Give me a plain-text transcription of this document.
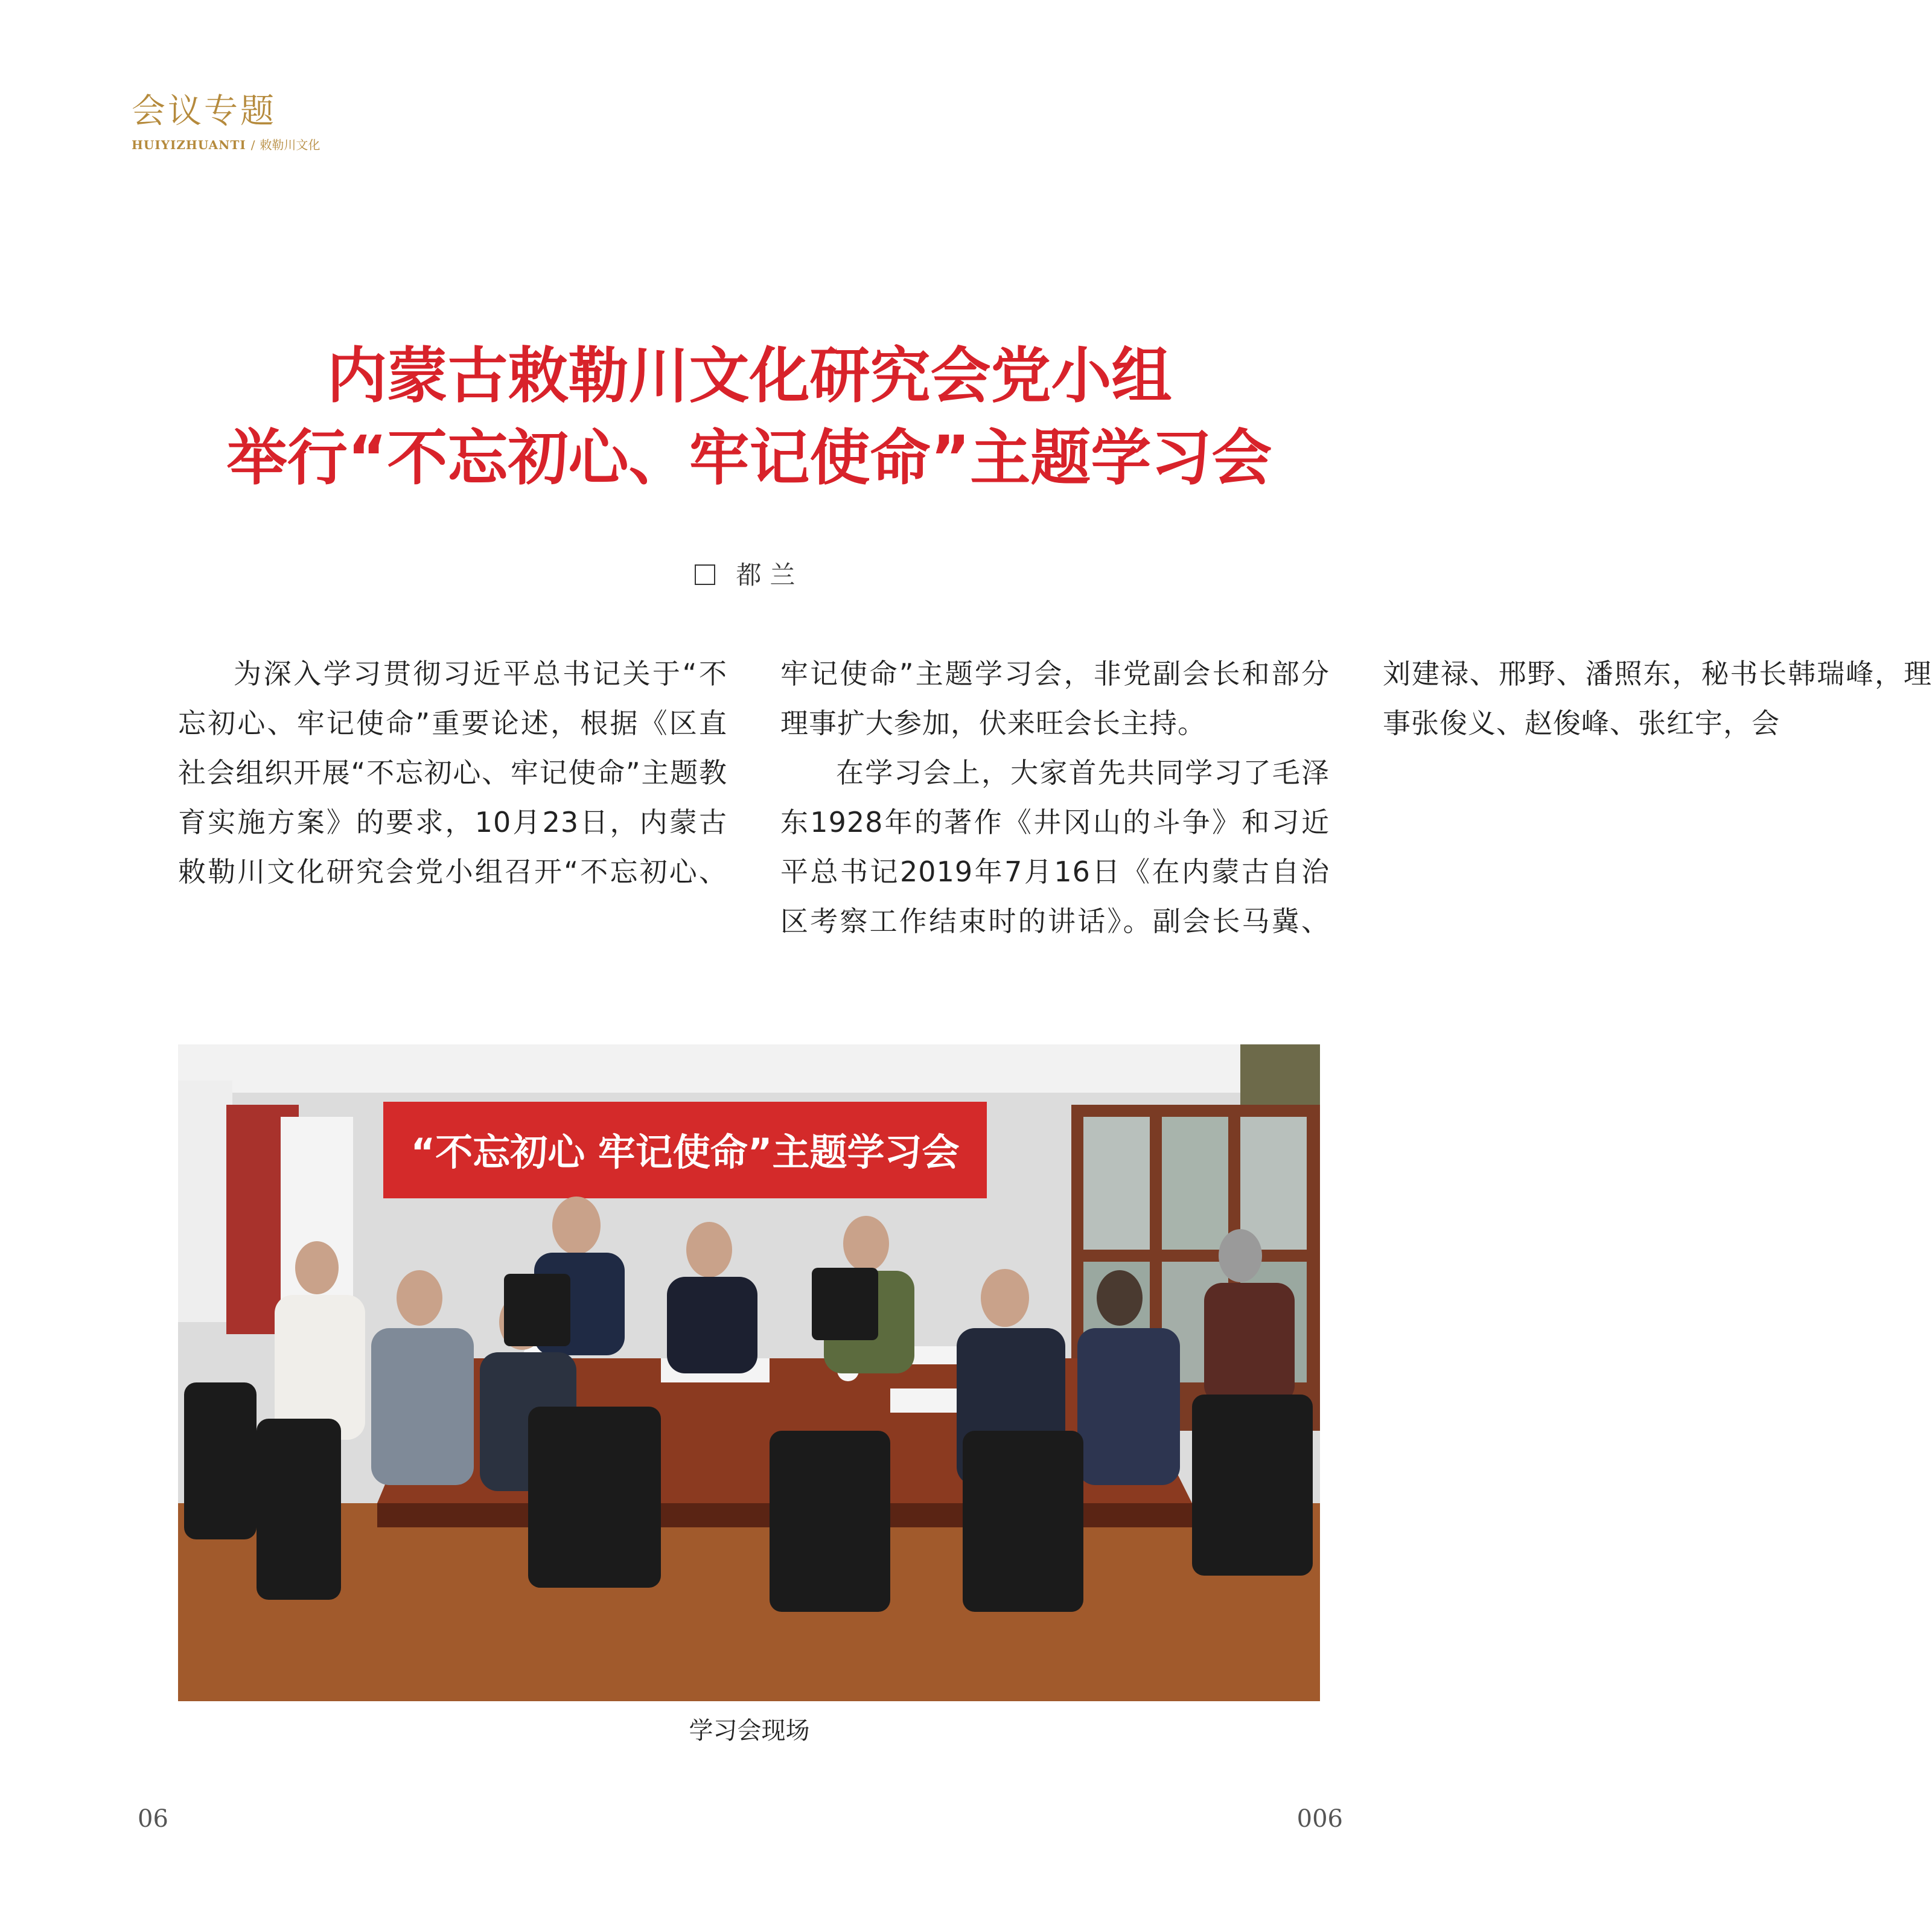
会议专题
HUIYIZHUANTI / 敕勒川文化
内蒙古敕勒川文化研究会党小组
举行“不忘初心、牢记使命”主题学习会
都兰

为深入学习贯彻习近平总书记关于“不忘初心、牢记使命”重要论述，根据《区直社会组织开展“不忘初心、牢记使命”主题教育实施方案》的要求，10月23日，内蒙古敕勒川文化研究会党小组召开“不忘初心、牢记使命”主题学习会，非党副会长和部分理事扩大参加，伏来旺会长主持。

在学习会上，大家首先共同学习了毛泽东1928年的著作《井冈山的斗争》和习近平总书记2019年7月16日《在内蒙古自治区考察工作结束时的讲话》。副会长马冀、刘建禄、邢野、潘照东，秘书长韩瑞峰，理事张俊义、赵俊峰、张红宇，会

“不忘初心 牢记使命”主题学习会
学习会现场
06	006
